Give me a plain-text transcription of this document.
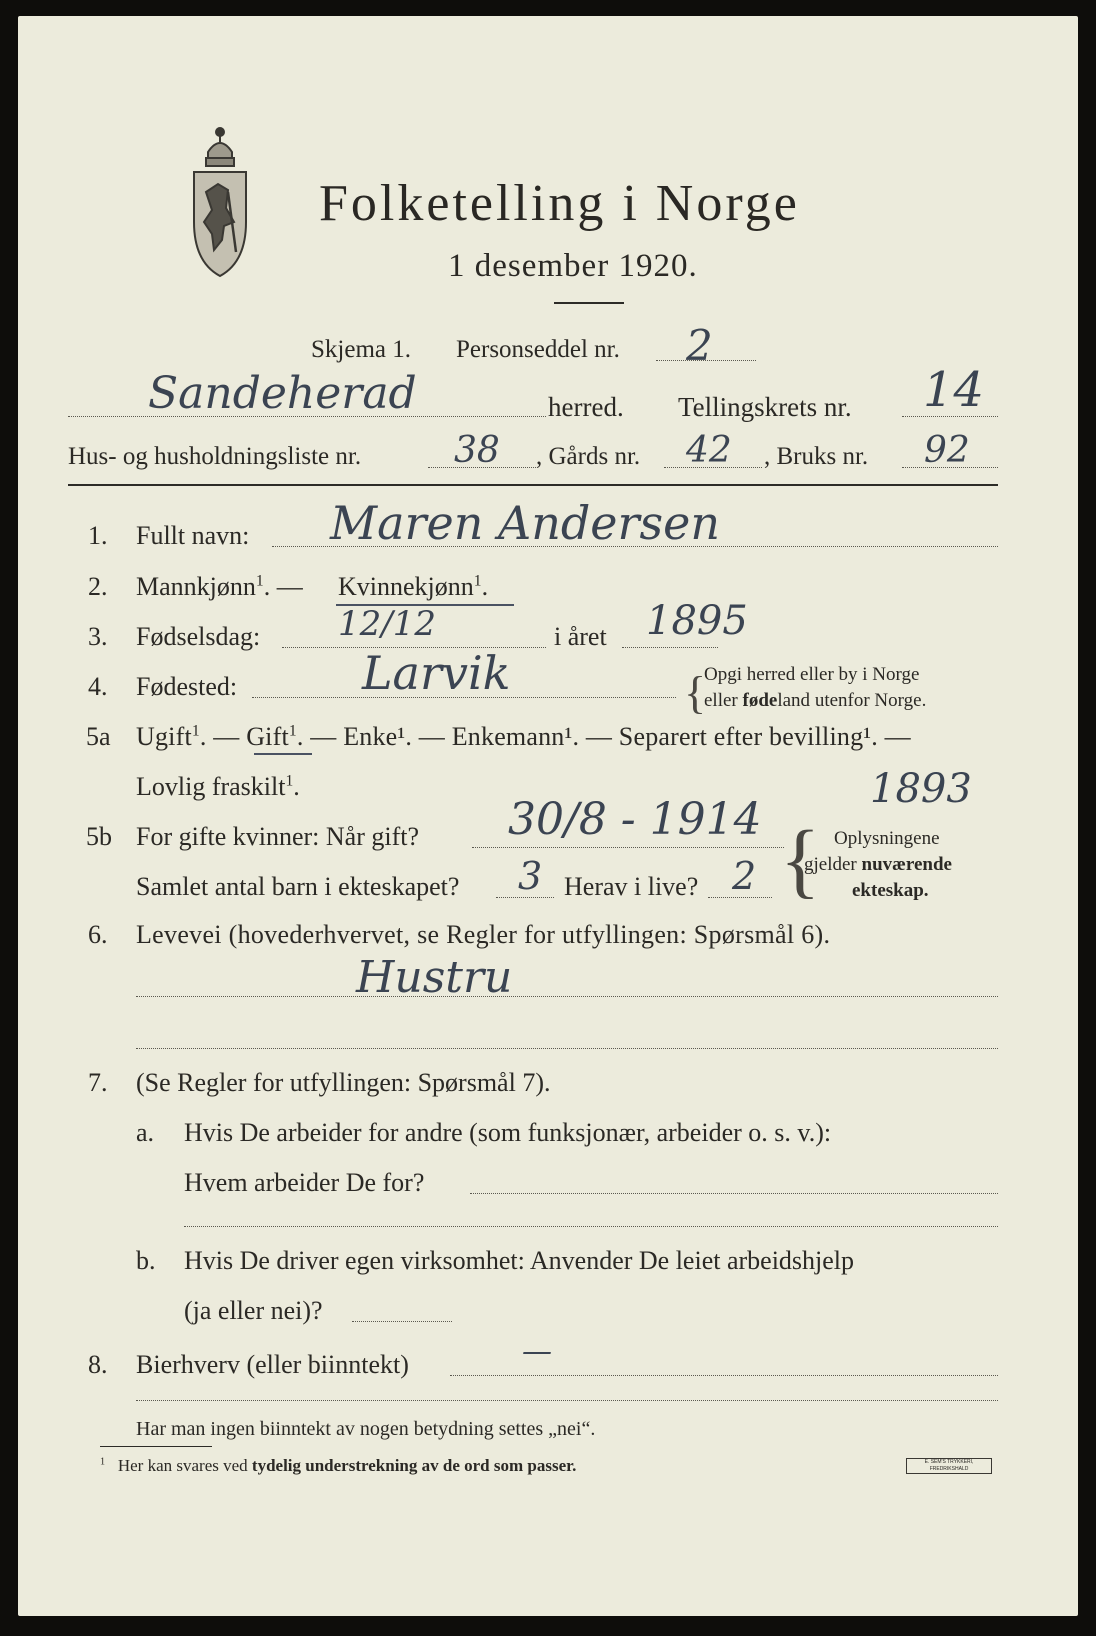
Folketelling i Norge
1 desember 1920.
Skjema 1. Personseddel nr. 2
Sandeherad	herred. Tellingskrets nr. 14
Hus- og husholdningsliste nr.	38 , Gårds nr. 42 , Bruks nr. 92
1. Fullt navn: Maren Andersen
2. Mannkjønn$^1$. — Kvinnekjønn$^1$.
3. Fødselsdag: 12/12	i året 1895
4. Fødested:	Larvik	{
Opgi herred eller by i Norge
eller fødeland utenfor Norge.
5a Ugift$^1$. — Gift$^1$. — Enke¹. — Enkemann¹. — Separert efter bevilling¹. —
Lovlig fraskilt$^1$.	1893
5b For gifte kvinner: Når gift? 30/8 - 1914
Samlet antal barn i ekteskapet? 3 Herav i live? 2 { Oplysningene
gjelder nuværende
ekteskap.
6. Levevei (hovederhvervet, se Regler for utfyllingen: Spørsmål 6).
Hustru
7. (Se Regler for utfyllingen: Spørsmål 7).
a. Hvis De arbeider for andre (som funksjonær, arbeider o. s. v.):
Hvem arbeider De for?
b. Hvis De driver egen virksomhet: Anvender De leiet arbeidshjelp
(ja eller nei)?
8. Bierhverv (eller biinntekt)	—
Har man ingen biinntekt av nogen betydning settes „nei“.
$^1$ Her kan svares ved tydelig understrekning av de ord som passer.	E. SEM'S TRYKKERI, FREDRIKSHALD
